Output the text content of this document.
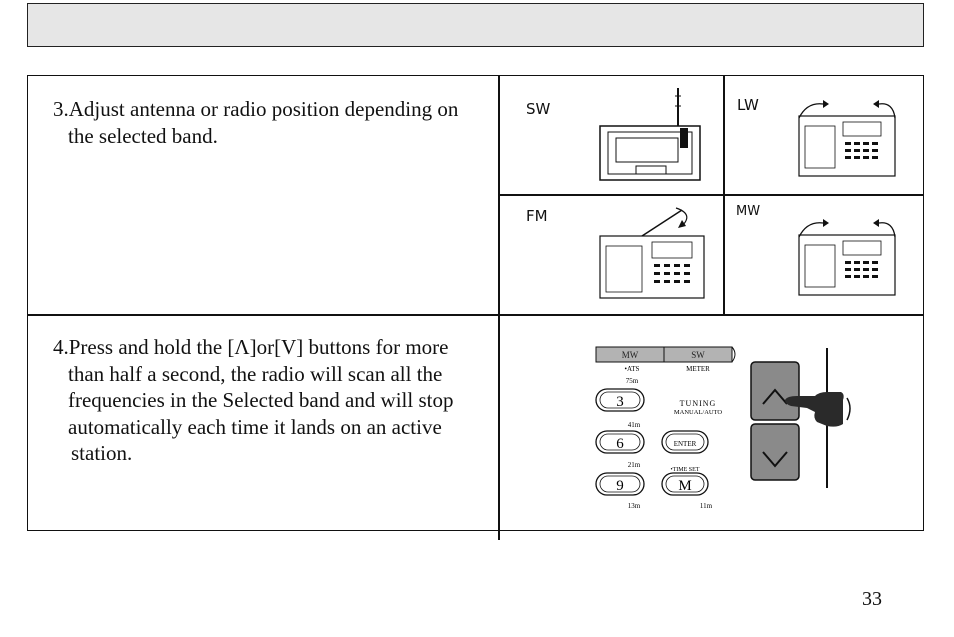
3.Adjust antenna or radio position depending on
the selected band.
4.Press and hold the [Λ]or[V] buttons for more
than half a second, the radio will scan all the
frequencies in the Selected band and will stop
automatically each time it lands on an active
station.
SW	LW
FM	MW
MW	SW
•ATS	METER
75m
3	TUNING
MANUAL/AUTO
41m
6	ENTER
21m
•TIME SET
9	M
13m	11m
33
